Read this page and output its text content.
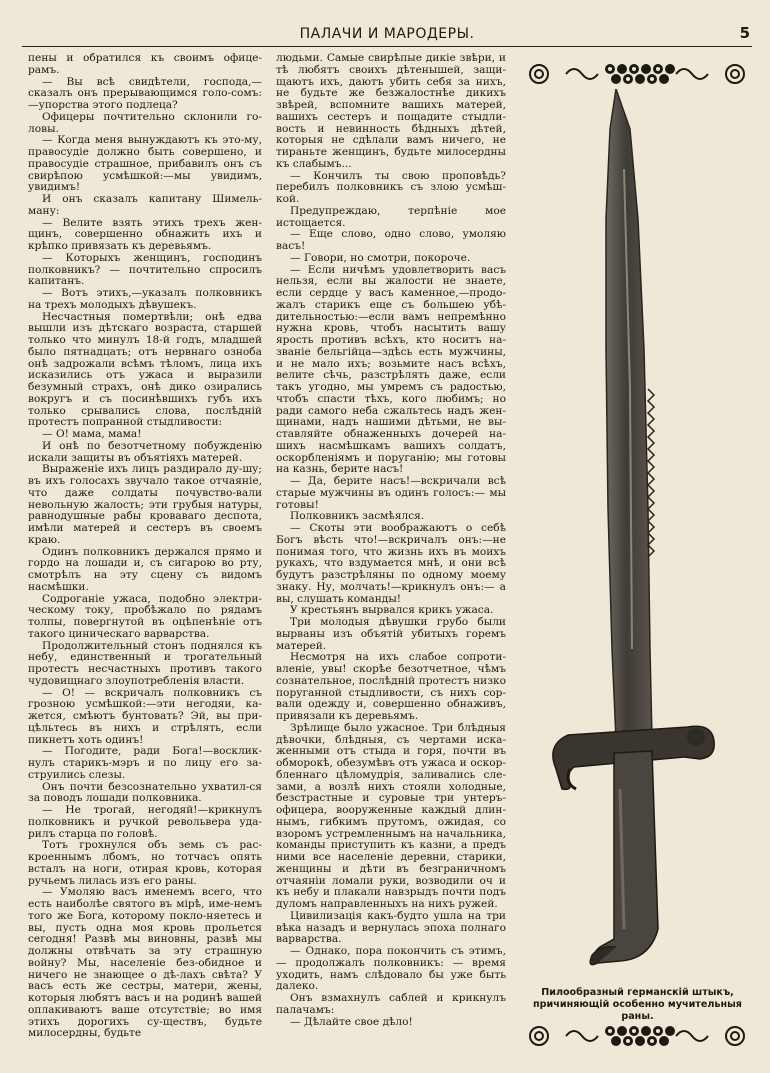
ПАЛАЧИ И МАРОДЕРЫ.	5

пены и обратился къ своимъ офице-рамъ.

— Вы всѣ свидѣтели, господа,— сказалъ онъ прерывающимся голо-сомъ:—упорства этого подлеца?

Офицеры почтительно склонили го-ловы.

— Когда меня вынуждаютъ къ это-му, правосудіе должно быть совершено, и правосудіе страшное, прибавилъ онъ съ свирѣпою усмѣшкой:—мы увидимъ, увидимъ!

И онъ сказалъ капитану Шимель-ману:

— Велите взять этихъ трехъ жен-щинъ, совершенно обнажить ихъ и крѣпко привязать къ деревьямъ.

— Которыхъ женщинъ, господинъ полковникъ? — почтительно спросилъ капитанъ.

— Вотъ этихъ,—указалъ полковникъ на трехъ молодыхъ дѣвушекъ.

Несчастныя помертвѣли; онѣ едва вышли изъ дѣтскаго возраста, старшей только что минулъ 18-й годъ, младшей было пятнадцать; отъ нервнаго озноба онѣ задрожали всѣмъ тѣломъ, лица ихъ исказились отъ ужаса и выразили безумный страхъ, онѣ дико озирались вокругъ и съ посинѣвшихъ губъ ихъ только срывались слова, послѣдній протестъ попранной стыдливости:

— О! мама, мама!

И онѣ по безотчетному побужденію искали защиты въ объятіяхъ матерей.

Выраженіе ихъ лицъ раздирало ду-шу; въ ихъ голосахъ звучало такое отчаяніе, что даже солдаты почувство-вали невольную жалость; эти грубыя натуры, равнодушные рабы кроваваго деспота, имѣли матерей и сестеръ въ своемъ краю.

Одинъ полковникъ держался прямо и гордо на лошади и, съ сигарою во рту, смотрѣлъ на эту сцену съ видомъ насмѣшки.

Содроганіе ужаса, подобно электри-ческому току, пробѣжало по рядамъ толпы, повергнутой въ оцѣпенѣніе отъ такого циническаго варварства.

Продолжительный стонъ поднялся къ небу, единственный и трогательный протестъ несчастныхъ противъ такого чудовищнаго злоупотребленія власти.

— О! — вскричалъ полковникъ съ грозною усмѣшкой:—эти негодяи, ка-жется, смѣютъ бунтовать? Эй, вы при-цѣльтесь въ нихъ и стрѣлять, если пикнетъ хоть одинъ!

— Погодите, ради Бога!—восклик-нулъ старикъ-мэръ и по лицу его за-струились слезы.

Онъ почти безсознательно ухватил-ся за поводъ лошади полковника.

— Не трогай, негодяй!—крикнулъ полковникъ и ручкой револьвера уда-рилъ старца по головѣ.

Тотъ грохнулся объ земь съ рас-кроеннымъ лбомъ, но тотчасъ опять всталъ на ноги, отирая кровь, которая ручьемъ лилась изъ его раны.

— Умоляю васъ именемъ всего, что есть наиболѣе святого въ мірѣ, име-немъ того же Бога, которому покло-няетесь и вы, пусть одна моя кровь прольется сегодня! Развѣ мы виновны, развѣ мы должны отвѣчать за эту страшную войну? Мы, населеніе без-обидное и ничего не знающее о дѣ-лахъ свѣта? У васъ есть же сестры, матери, жены, которыя любятъ васъ и на родинѣ вашей оплакиваютъ ваше отсутствіе; во имя этихъ дорогихъ су-ществъ, будьте милосердны, будьте

людьми. Самые свирѣпые дикіе звѣри, и тѣ любятъ своихъ дѣтенышей, защи-щаютъ ихъ, даютъ убить себя за нихъ, не будьте же безжалостнѣе дикихъ звѣрей, вспомните вашихъ матерей, вашихъ сестеръ и пощадите стыдли-вость и невинность бѣдныхъ дѣтей, которыя не сдѣлали вамъ ничего, не тираньте женщинъ, будьте милосердны къ слабымъ...

— Кончилъ ты свою проповѣдь? перебилъ полковникъ съ злою усмѣш-кой.

Предупреждаю, терпѣніе мое истощается.

— Еще слово, одно слово, умоляю васъ!

— Говори, но смотри, покороче.

— Если ничѣмъ удовлетворить васъ нельзя, если вы жалости не знаете, если сердце у васъ каменное,—продо-жалъ старикъ еще съ большею убѣ-дительностью:—если вамъ непремѣнно нужна кровь, чтобъ насытить вашу ярость противъ всѣхъ, кто носитъ на-званіе бельгійца—здѣсь есть мужчины, и не мало ихъ; возьмите насъ всѣхъ, велите сѣчь, разстрѣлять даже, если такъ угодно, мы умремъ съ радостью, чтобъ спасти тѣхъ, кого любимъ; но ради самого неба сжальтесь надъ жен-щинами, надъ нашими дѣтьми, не вы-ставляйте обнаженныхъ дочерей на-шихъ насмѣшкамъ вашихъ солдатъ, оскорбленіямъ и поруганію; мы готовы на казнь, берите насъ!

— Да, берите насъ!—вскричали всѣ старые мужчины въ одинъ голосъ:— мы готовы!

Полковникъ засмѣялся.

— Скоты эти воображаютъ о себѣ Богъ вѣсть что!—вскричалъ онъ:—не понимая того, что жизнь ихъ въ моихъ рукахъ, что вздумается мнѣ, и они всѣ будутъ разстрѣляны по одному моему знаку. Ну, молчать!—крикнулъ онъ:— а вы, слушать команды!

У крестьянъ вырвался крикъ ужаса.

Три молодыя дѣвушки грубо были вырваны изъ объятій убитыхъ горемъ матерей.

Несмотря на ихъ слабое сопроти-вленіе, увы! скорѣе безотчетное, чѣмъ сознательное, послѣдній протестъ низко поруганной стыдливости, съ нихъ сор-вали одежду и, совершенно обнаживъ, привязали къ деревьямъ.

Зрѣлище было ужасное. Три блѣдныя дѣвочки, блѣдныя, съ чертами иска-женными отъ стыда и горя, почти въ обморокѣ, обезумѣвъ отъ ужаса и оскор-бленнаго цѣломудрія, заливались сле-зами, а возлѣ нихъ стояли холодные, безстрастные и суровые три унтеръ-офицера, вооруженные каждый длин-нымъ, гибкимъ прутомъ, ожидая, со взоромъ устремленнымъ на начальника, команды приступить къ казни, а предъ ними все населеніе деревни, старики, женщины и дѣти въ безграничномъ отчаяніи ломали руки, возводили оч и къ небу и плакали навзрыдъ почти подъ дуломъ направленныхъ на нихъ ружей.

Цивилизація какъ-будто ушла на три вѣка назадъ и вернулась эпоха полнаго варварства.

— Однако, пора покончить съ этимъ,— продолжалъ полковникъ: — время уходить, намъ слѣдовало бы уже быть далеко.

Онъ взмахнулъ саблей и крикнулъ палачамъ:

— Дѣлайте свое дѣло!

Пилообразный германскій штыкъ, причиняющій особенно мучительныя раны.
